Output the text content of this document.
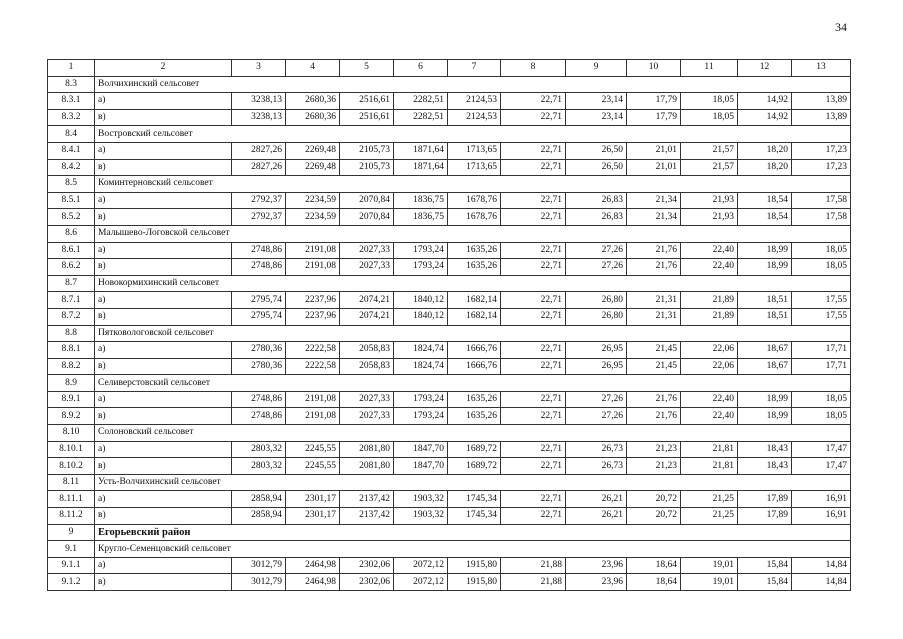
34
1	2	3	4	5	6	7	8	9	10	11	12	13
8.3	Волчихинский сельсовет											
8.3.1	а)	3238,13	2680,36	2516,61	2282,51	2124,53	22,71	23,14	17,79	18,05	14,92	13,89
8.3.2	в)	3238,13	2680,36	2516,61	2282,51	2124,53	22,71	23,14	17,79	18,05	14,92	13,89
8.4	Востровский сельсовет											
8.4.1	а)	2827,26	2269,48	2105,73	1871,64	1713,65	22,71	26,50	21,01	21,57	18,20	17,23
8.4.2	в)	2827,26	2269,48	2105,73	1871,64	1713,65	22,71	26,50	21,01	21,57	18,20	17,23
8.5	Коминтерновский сельсовет											
8.5.1	а)	2792,37	2234,59	2070,84	1836,75	1678,76	22,71	26,83	21,34	21,93	18,54	17,58
8.5.2	в)	2792,37	2234,59	2070,84	1836,75	1678,76	22,71	26,83	21,34	21,93	18,54	17,58
8.6	Малышево-Логовской сельсовет											
8.6.1	а)	2748,86	2191,08	2027,33	1793,24	1635,26	22,71	27,26	21,76	22,40	18,99	18,05
8.6.2	в)	2748,86	2191,08	2027,33	1793,24	1635,26	22,71	27,26	21,76	22,40	18,99	18,05
8.7	Новокормихинский сельсовет											
8.7.1	а)	2795,74	2237,96	2074,21	1840,12	1682,14	22,71	26,80	21,31	21,89	18,51	17,55
8.7.2	в)	2795,74	2237,96	2074,21	1840,12	1682,14	22,71	26,80	21,31	21,89	18,51	17,55
8.8	Пятковологовской сельсовет											
8.8.1	а)	2780,36	2222,58	2058,83	1824,74	1666,76	22,71	26,95	21,45	22,06	18,67	17,71
8.8.2	в)	2780,36	2222,58	2058,83	1824,74	1666,76	22,71	26,95	21,45	22,06	18,67	17,71
8.9	Селиверстовский сельсовет											
8.9.1	а)	2748,86	2191,08	2027,33	1793,24	1635,26	22,71	27,26	21,76	22,40	18,99	18,05
8.9.2	в)	2748,86	2191,08	2027,33	1793,24	1635,26	22,71	27,26	21,76	22,40	18,99	18,05
8.10	Солоновский сельсовет											
8.10.1	а)	2803,32	2245,55	2081,80	1847,70	1689,72	22,71	26,73	21,23	21,81	18,43	17,47
8.10.2	в)	2803,32	2245,55	2081,80	1847,70	1689,72	22,71	26,73	21,23	21,81	18,43	17,47
8.11	Усть-Волчихинский сельсовет											
8.11.1	а)	2858,94	2301,17	2137,42	1903,32	1745,34	22,71	26,21	20,72	21,25	17,89	16,91
8.11.2	в)	2858,94	2301,17	2137,42	1903,32	1745,34	22,71	26,21	20,72	21,25	17,89	16,91
9	Егорьевский район											
9.1	Кругло-Семенцовский сельсовет											
9.1.1	а)	3012,79	2464,98	2302,06	2072,12	1915,80	21,88	23,96	18,64	19,01	15,84	14,84
9.1.2	в)	3012,79	2464,98	2302,06	2072,12	1915,80	21,88	23,96	18,64	19,01	15,84	14,84
